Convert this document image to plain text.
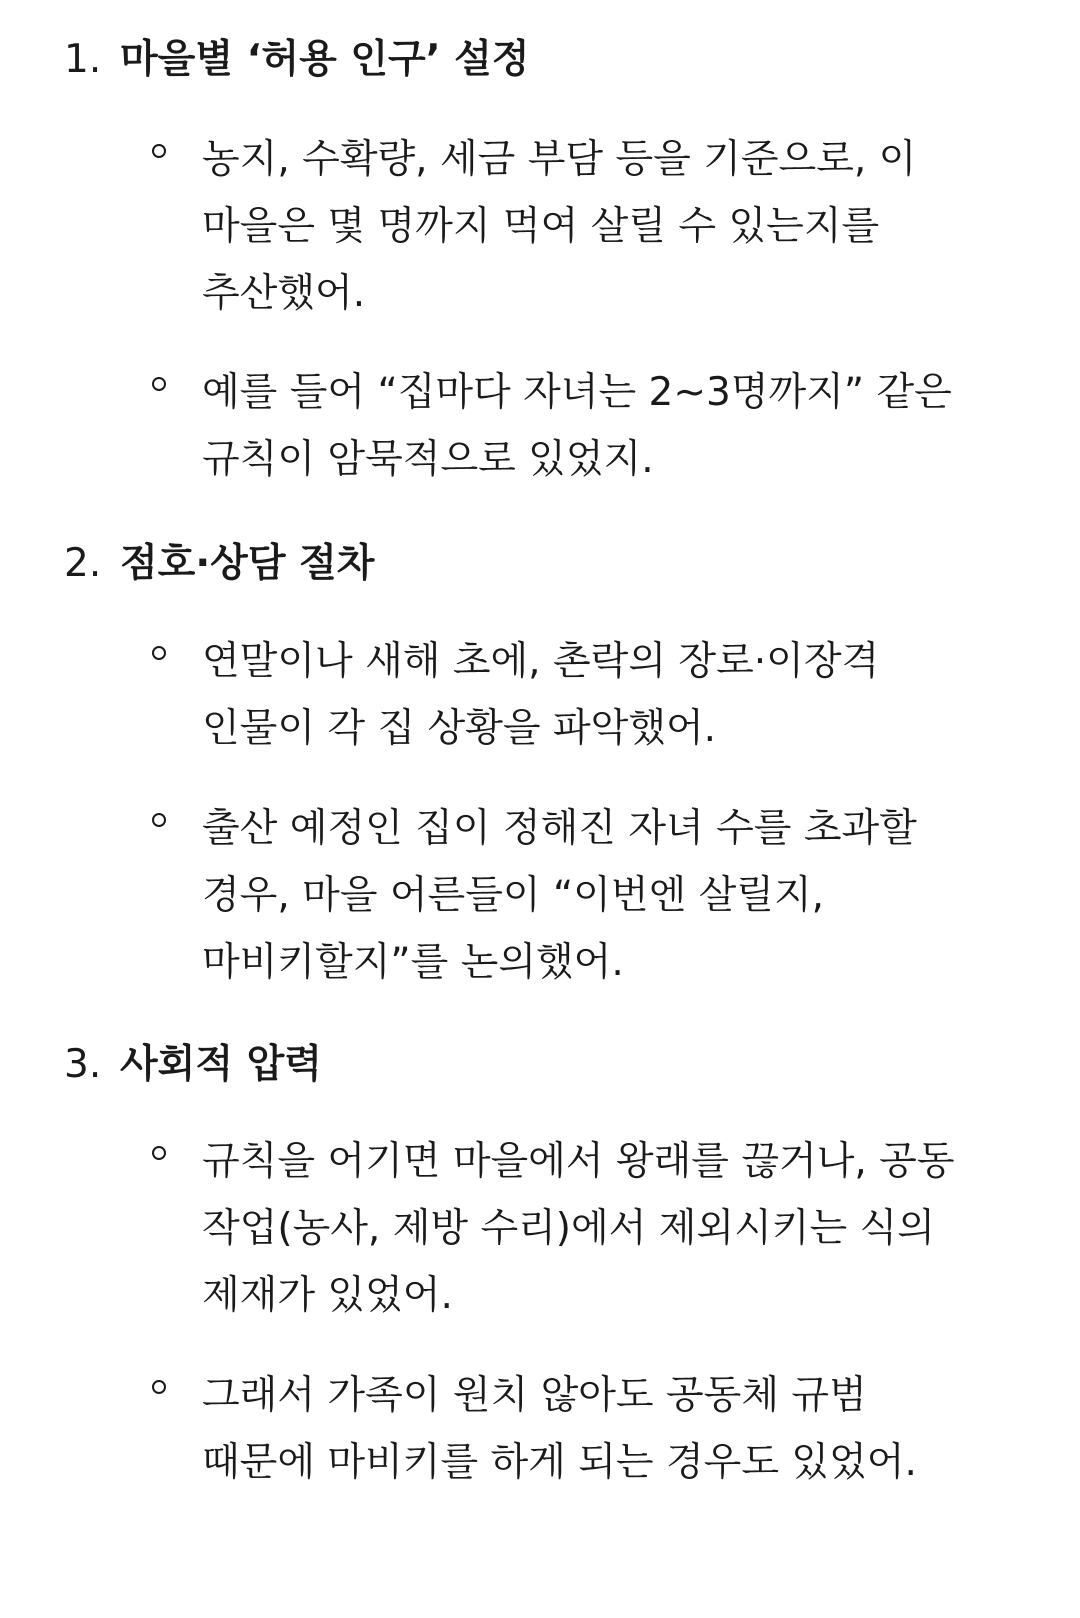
1. 마을별 ‘허용 인구’ 설정
농지, 수확량, 세금 부담 등을 기준으로, 이
마을은 몇 명까지 먹여 살릴 수 있는지를
추산했어.
예를 들어 “집마다 자녀는 2~3명까지” 같은
규칙이 암묵적으로 있었지.
2. 점호·상담 절차
연말이나 새해 초에, 촌락의 장로·이장격
인물이 각 집 상황을 파악했어.
출산 예정인 집이 정해진 자녀 수를 초과할
경우, 마을 어른들이 “이번엔 살릴지,
마비키할지”를 논의했어.
3. 사회적 압력
규칙을 어기면 마을에서 왕래를 끊거나, 공동
작업(농사, 제방 수리)에서 제외시키는 식의
제재가 있었어.
그래서 가족이 원치 않아도 공동체 규범
때문에 마비키를 하게 되는 경우도 있었어.
